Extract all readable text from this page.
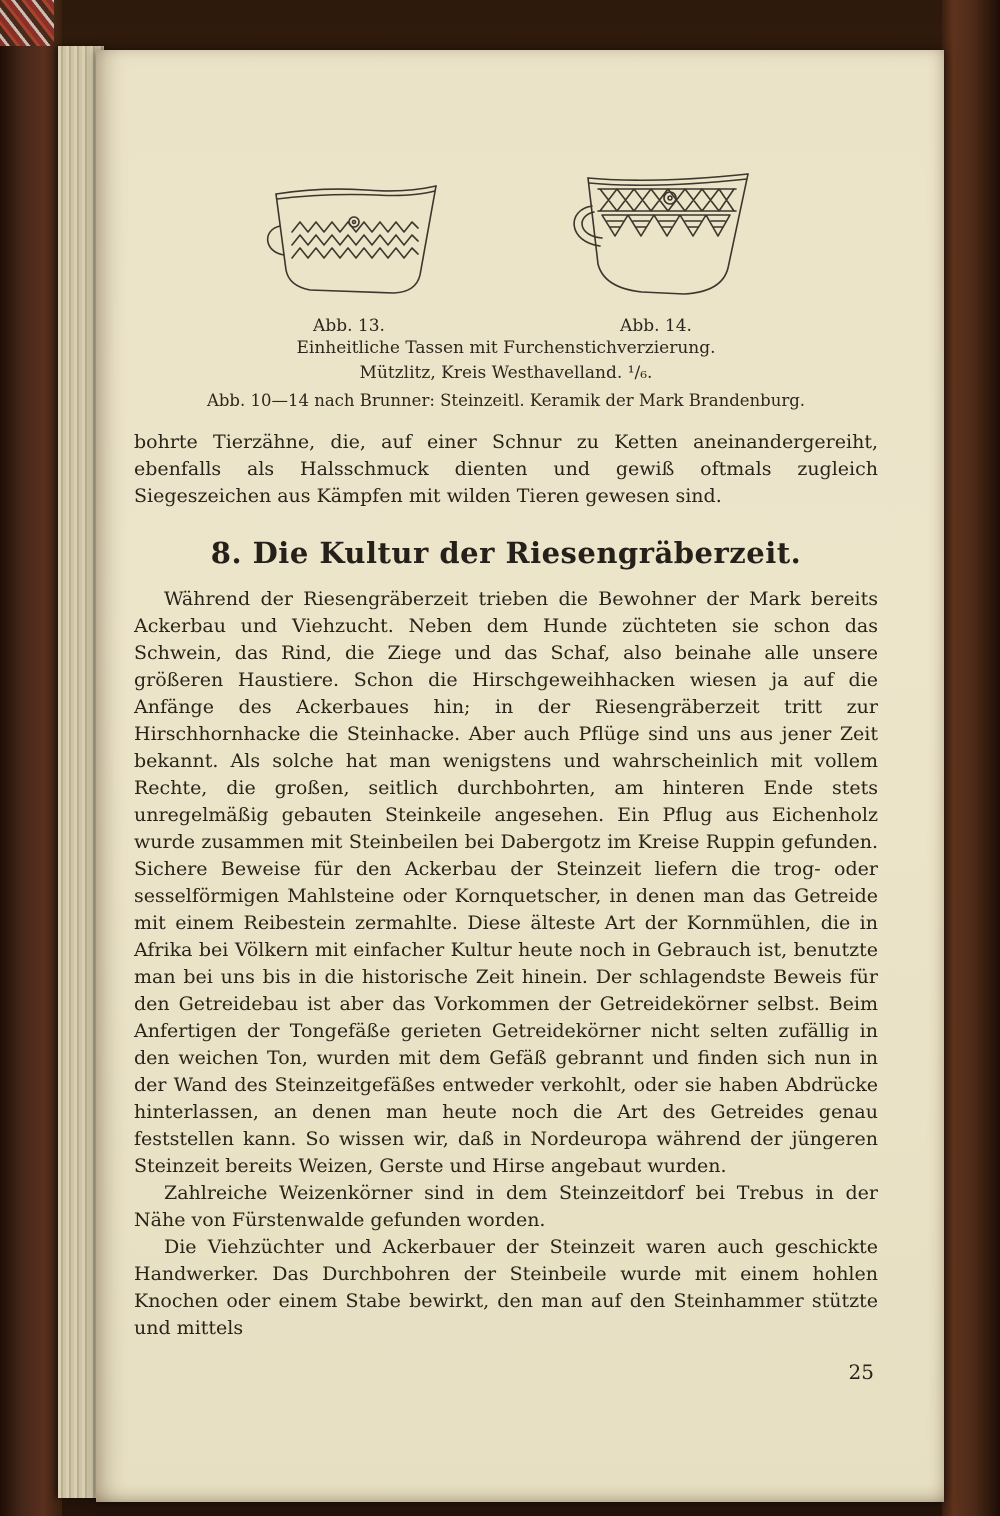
Abb. 13.	Abb. 14.
Einheitliche Tassen mit Furchenstichverzierung.
Mützlitz, Kreis Westhavelland. ¹/₆.
Abb. 10—14 nach Brunner: Steinzeitl. Keramik der Mark Brandenburg.

bohrte Tierzähne, die, auf einer Schnur zu Ketten aneinandergereiht, ebenfalls als Halsschmuck dienten und gewiß oftmals zugleich Siegeszeichen aus Kämpfen mit wilden Tieren gewesen sind.

8. Die Kultur der Riesengräberzeit.

Während der Riesengräberzeit trieben die Bewohner der Mark bereits Ackerbau und Viehzucht. Neben dem Hunde züchteten sie schon das Schwein, das Rind, die Ziege und das Schaf, also beinahe alle unsere größeren Haustiere. Schon die Hirschgeweihhacken wiesen ja auf die Anfänge des Ackerbaues hin; in der Riesengräberzeit tritt zur Hirschhornhacke die Steinhacke. Aber auch Pflüge sind uns aus jener Zeit bekannt. Als solche hat man wenigstens und wahrscheinlich mit vollem Rechte, die großen, seitlich durchbohrten, am hinteren Ende stets unregelmäßig gebauten Steinkeile angesehen. Ein Pflug aus Eichenholz wurde zusammen mit Steinbeilen bei Dabergotz im Kreise Ruppin gefunden. Sichere Beweise für den Ackerbau der Steinzeit liefern die trog- oder sesselförmigen Mahlsteine oder Kornquetscher, in denen man das Getreide mit einem Reibestein zermahlte. Diese älteste Art der Kornmühlen, die in Afrika bei Völkern mit einfacher Kultur heute noch in Gebrauch ist, benutzte man bei uns bis in die historische Zeit hinein. Der schlagendste Beweis für den Getreidebau ist aber das Vorkommen der Getreidekörner selbst. Beim Anfertigen der Tongefäße gerieten Getreidekörner nicht selten zufällig in den weichen Ton, wurden mit dem Gefäß gebrannt und finden sich nun in der Wand des Steinzeitgefäßes entweder verkohlt, oder sie haben Abdrücke hinterlassen, an denen man heute noch die Art des Getreides genau feststellen kann. So wissen wir, daß in Nordeuropa während der jüngeren Steinzeit bereits Weizen, Gerste und Hirse angebaut wurden.

Zahlreiche Weizenkörner sind in dem Steinzeitdorf bei Trebus in der Nähe von Fürstenwalde gefunden worden.

Die Viehzüchter und Ackerbauer der Steinzeit waren auch geschickte Handwerker. Das Durchbohren der Steinbeile wurde mit einem hohlen Knochen oder einem Stabe bewirkt, den man auf den Steinhammer stützte und mittels

25
